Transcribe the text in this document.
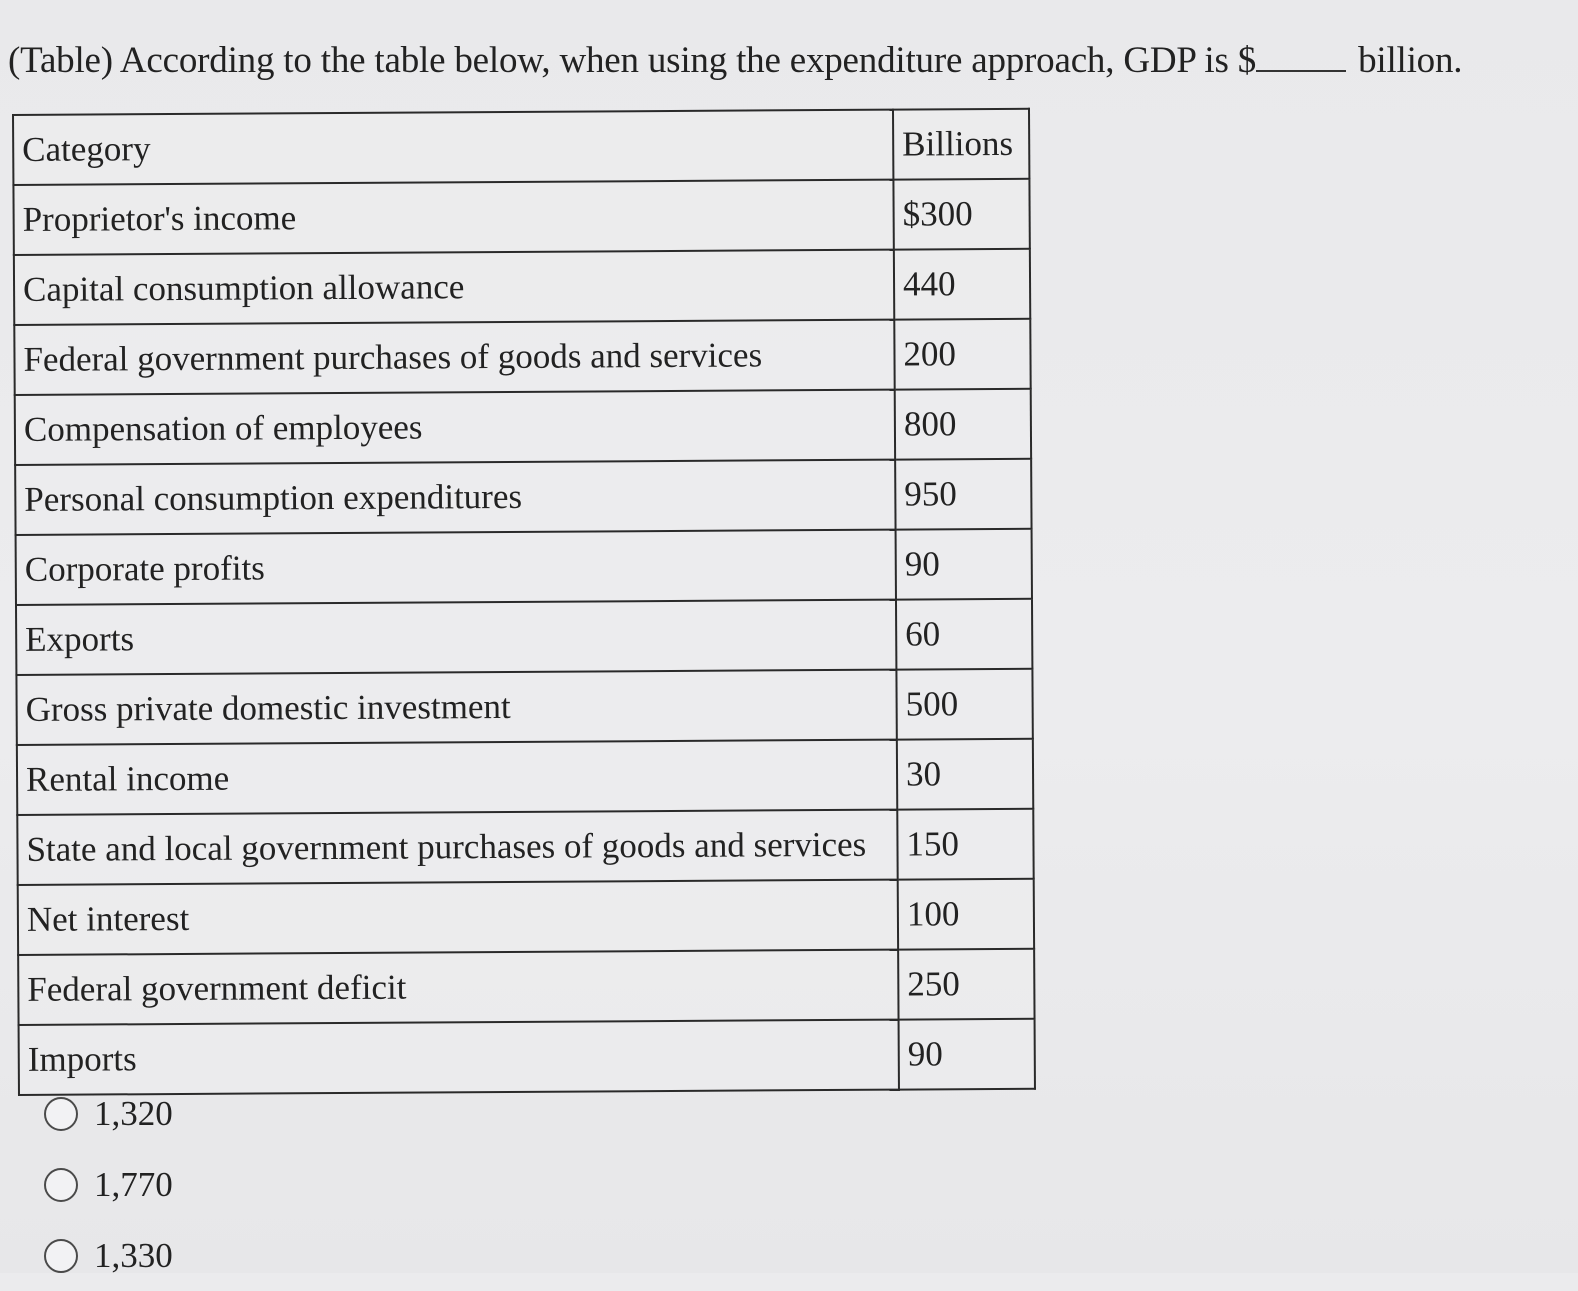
(Table) According to the table below, when using the expenditure approach, GDP is $	billion.
Category	Billions
Proprietor's income	$300
Capital consumption allowance	440
Federal government purchases of goods and services	200
Compensation of employees	800
Personal consumption expenditures	950
Corporate profits	90
Exports	60
Gross private domestic investment	500
Rental income	30
State and local government purchases of goods and services	150
Net interest	100
Federal government deficit	250
Imports	90
1,320
1,770
1,330
